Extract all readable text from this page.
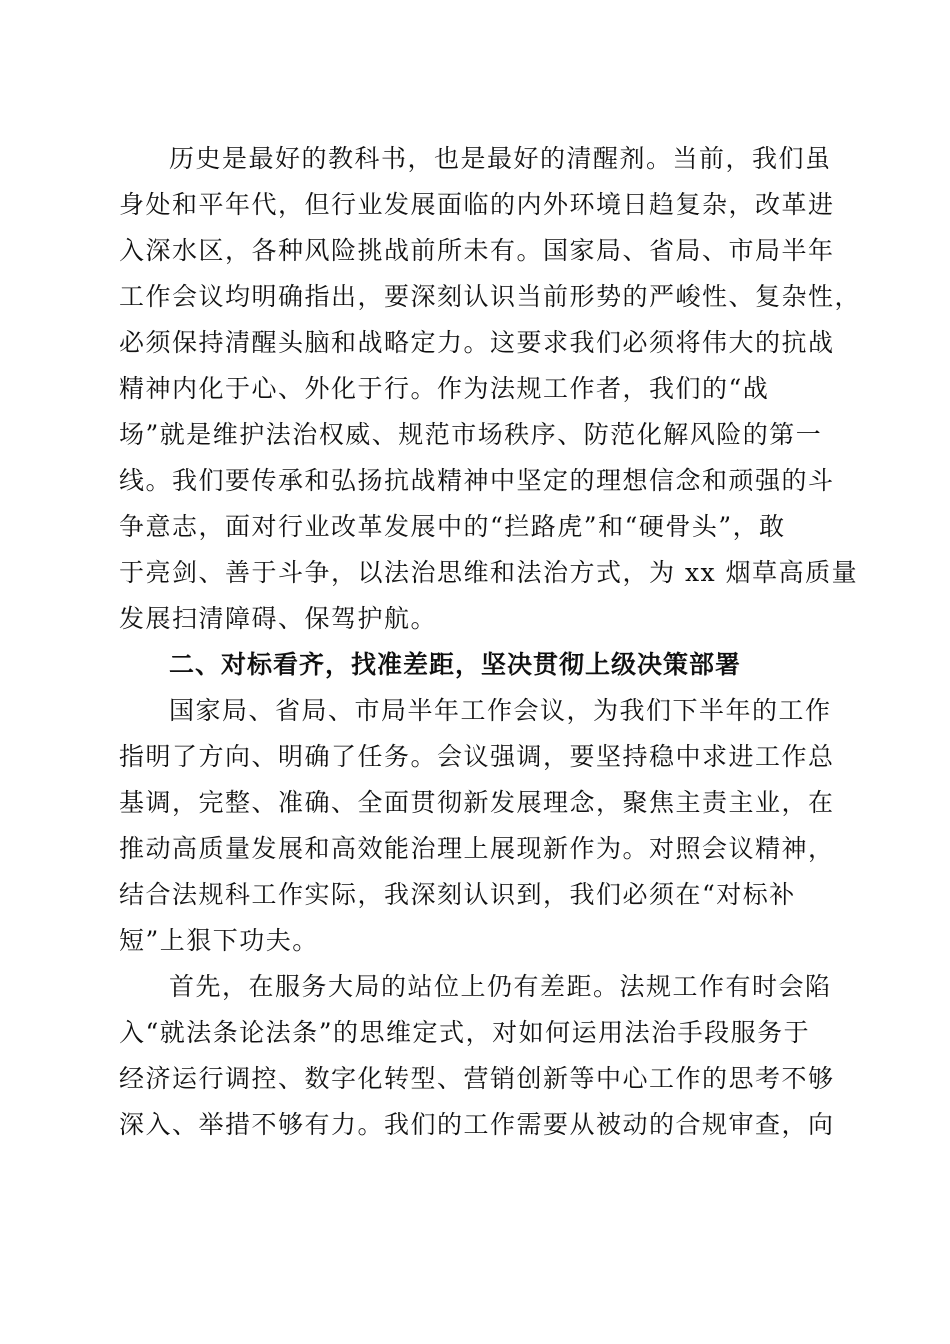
历史是最好的教科书，也是最好的清醒剂。当前，我们虽
身处和平年代，但行业发展面临的内外环境日趋复杂，改革进
入深水区，各种风险挑战前所未有。国家局、省局、市局半年
工作会议均明确指出，要深刻认识当前形势的严峻性、复杂性，
必须保持清醒头脑和战略定力。这要求我们必须将伟大的抗战
精神内化于心、外化于行。作为法规工作者，我们的“战
场”就是维护法治权威、规范市场秩序、防范化解风险的第一
线。我们要传承和弘扬抗战精神中坚定的理想信念和顽强的斗
争意志，面对行业改革发展中的“拦路虎”和“硬骨头”，敢
于亮剑、善于斗争，以法治思维和法治方式，为 xx 烟草高质量
发展扫清障碍、保驾护航。
二、对标看齐，找准差距，坚决贯彻上级决策部署
国家局、省局、市局半年工作会议，为我们下半年的工作
指明了方向、明确了任务。会议强调，要坚持稳中求进工作总
基调，完整、准确、全面贯彻新发展理念，聚焦主责主业，在
推动高质量发展和高效能治理上展现新作为。对照会议精神，
结合法规科工作实际，我深刻认识到，我们必须在“对标补
短”上狠下功夫。
首先，在服务大局的站位上仍有差距。法规工作有时会陷
入“就法条论法条”的思维定式，对如何运用法治手段服务于
经济运行调控、数字化转型、营销创新等中心工作的思考不够
深入、举措不够有力。我们的工作需要从被动的合规审查，向
